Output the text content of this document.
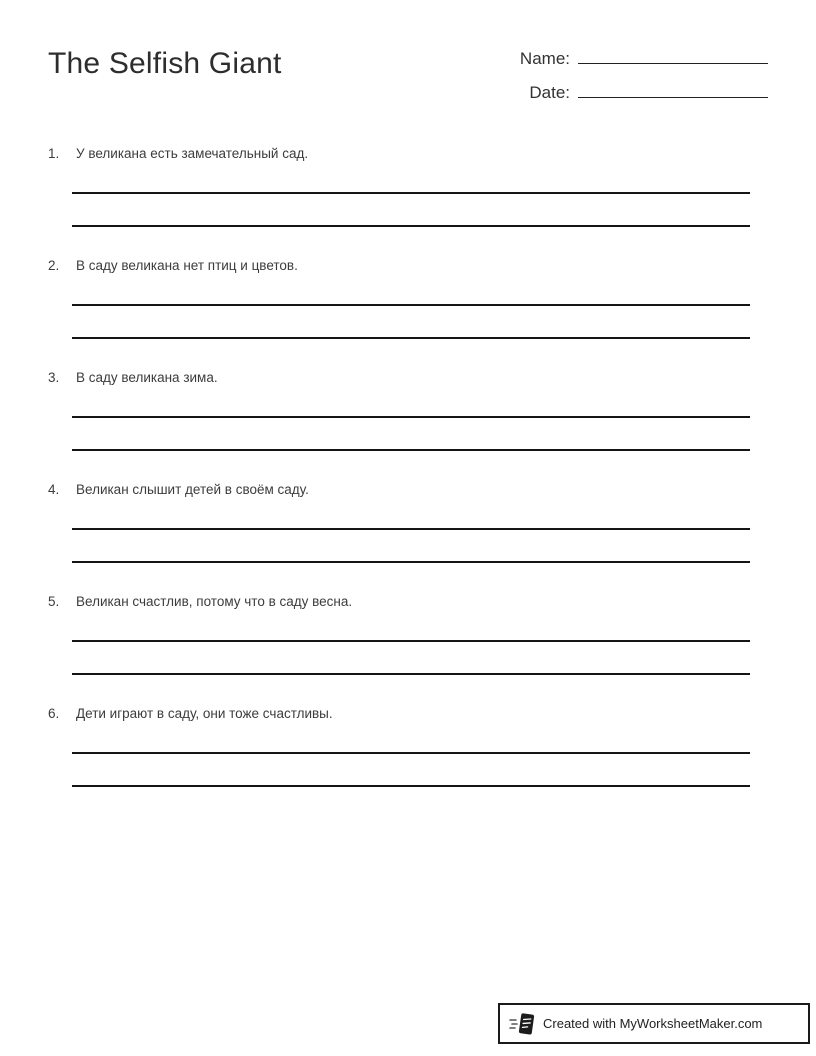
The Selfish Giant	Name:
Date:
1.	У великана есть замечательный сад.
2.	В саду великана нет птиц и цветов.
3.	В саду великана зима.
4.	Великан слышит детей в своём саду.
5.	Великан счастлив, потому что в саду весна.
6.	Дети играют в саду, они тоже счастливы.
Created with MyWorksheetMaker.com
